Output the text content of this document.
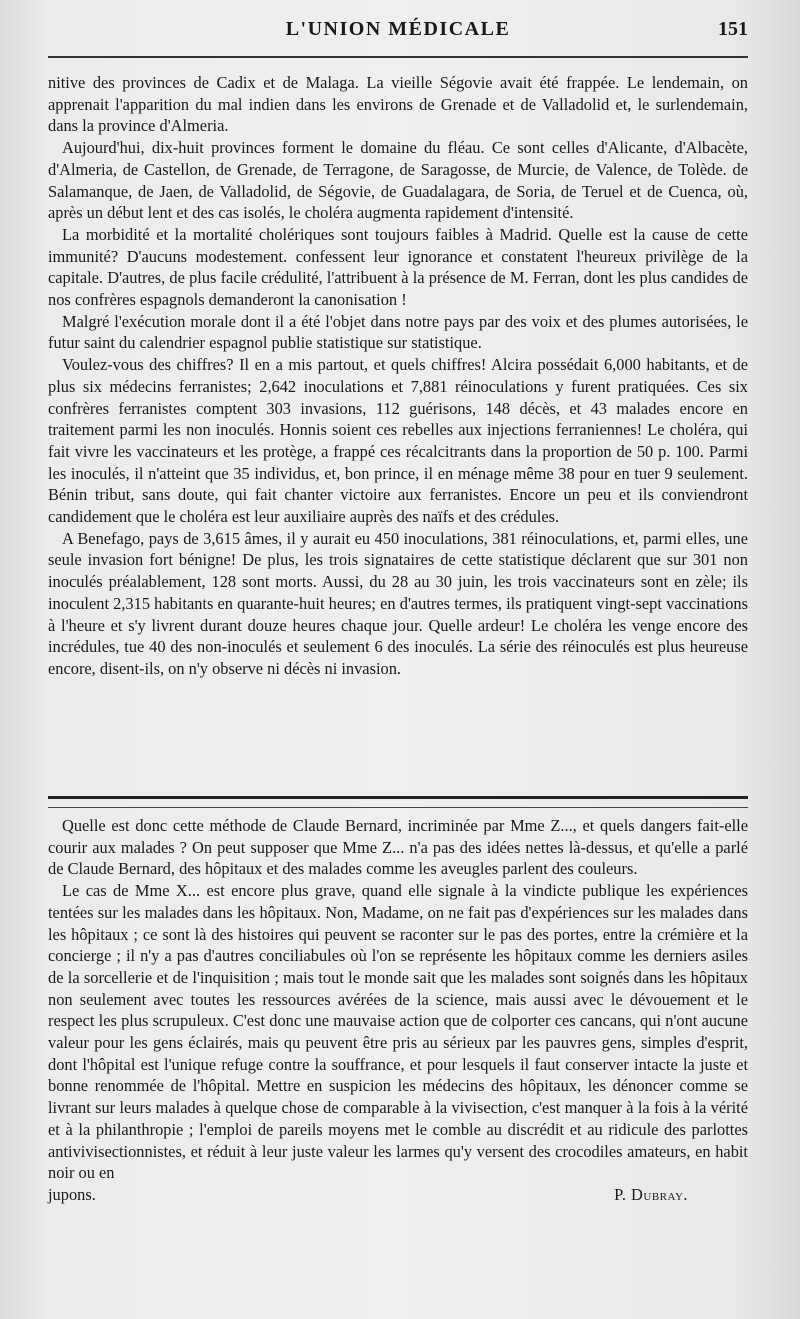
L'UNION MÉDICALE	151

nitive des provinces de Cadix et de Malaga. La vieille Ségovie avait été frappée. Le lendemain, on apprenait l'apparition du mal indien dans les environs de Grenade et de Valladolid et, le surlendemain, dans la province d'Almeria.

Aujourd'hui, dix-huit provinces forment le domaine du fléau. Ce sont celles d'Alicante, d'Albacète, d'Almeria, de Castellon, de Grenade, de Terragone, de Saragosse, de Murcie, de Valence, de Tolède. de Salamanque, de Jaen, de Valladolid, de Ségovie, de Guadalagara, de Soria, de Teruel et de Cuenca, où, après un début lent et des cas isolés, le choléra augmenta rapidement d'intensité.

La morbidité et la mortalité cholériques sont toujours faibles à Madrid. Quelle est la cause de cette immunité? D'aucuns modestement. confessent leur ignorance et constatent l'heureux privilège de la capitale. D'autres, de plus facile crédulité, l'attribuent à la présence de M. Ferran, dont les plus candides de nos confrères espagnols demanderont la canonisation !

Malgré l'exécution morale dont il a été l'objet dans notre pays par des voix et des plumes autorisées, le futur saint du calendrier espagnol publie statistique sur statistique.

Voulez-vous des chiffres? Il en a mis partout, et quels chiffres! Alcira possédait 6,000 habitants, et de plus six médecins ferranistes; 2,642 inoculations et 7,881 réinoculations y furent pratiquées. Ces six confrères ferranistes comptent 303 invasions, 112 guérisons, 148 décès, et 43 malades encore en traitement parmi les non inoculés. Honnis soient ces rebelles aux injections ferraniennes! Le choléra, qui fait vivre les vaccinateurs et les protège, a frappé ces récalcitrants dans la proportion de 50 p. 100. Parmi les inoculés, il n'atteint que 35 individus, et, bon prince, il en ménage même 38 pour en tuer 9 seulement. Bénin tribut, sans doute, qui fait chanter victoire aux ferranistes. Encore un peu et ils conviendront candidement que le choléra est leur auxiliaire auprès des naïfs et des crédules.

A Benefago, pays de 3,615 âmes, il y aurait eu 450 inoculations, 381 réinoculations, et, parmi elles, une seule invasion fort bénigne! De plus, les trois signataires de cette statistique déclarent que sur 301 non inoculés préalablement, 128 sont morts. Aussi, du 28 au 30 juin, les trois vaccinateurs sont en zèle; ils inoculent 2,315 habitants en quarante-huit heures; en d'autres termes, ils pratiquent vingt-sept vaccinations à l'heure et s'y livrent durant douze heures chaque jour. Quelle ardeur! Le choléra les venge encore des incrédules, tue 40 des non-inoculés et seulement 6 des inoculés. La série des réinoculés est plus heureuse encore, disent-ils, on n'y observe ni décès ni invasion.

Quelle est donc cette méthode de Claude Bernard, incriminée par Mme Z..., et quels dangers fait-elle courir aux malades ? On peut supposer que Mme Z... n'a pas des idées nettes là-dessus, et qu'elle a parlé de Claude Bernard, des hôpitaux et des malades comme les aveugles parlent des couleurs.

Le cas de Mme X... est encore plus grave, quand elle signale à la vindicte publique les expériences tentées sur les malades dans les hôpitaux. Non, Madame, on ne fait pas d'expériences sur les malades dans les hôpitaux ; ce sont là des histoires qui peuvent se raconter sur le pas des portes, entre la crémière et la concierge ; il n'y a pas d'autres conciliabules où l'on se représente les hôpitaux comme les derniers asiles de la sorcellerie et de l'inquisition ; mais tout le monde sait que les malades sont soignés dans les hôpitaux non seulement avec toutes les ressources avérées de la science, mais aussi avec le dévouement et le respect les plus scrupuleux. C'est donc une mauvaise action que de colporter ces cancans, qui n'ont aucune valeur pour les gens éclairés, mais qu peuvent être pris au sérieux par les pauvres gens, simples d'esprit, dont l'hôpital est l'unique refuge contre la souffrance, et pour lesquels il faut conserver intacte la juste et bonne renommée de l'hôpital. Mettre en suspicion les médecins des hôpitaux, les dénoncer comme se livrant sur leurs malades à quelque chose de comparable à la vivisection, c'est manquer à la fois à la vérité et à la philanthropie ; l'emploi de pareils moyens met le comble au discrédit et au ridicule des parlottes antivivisectionnistes, et réduit à leur juste valeur les larmes qu'y versent des crocodiles amateurs, en habit noir ou en

jupons.	P. Dubray.
